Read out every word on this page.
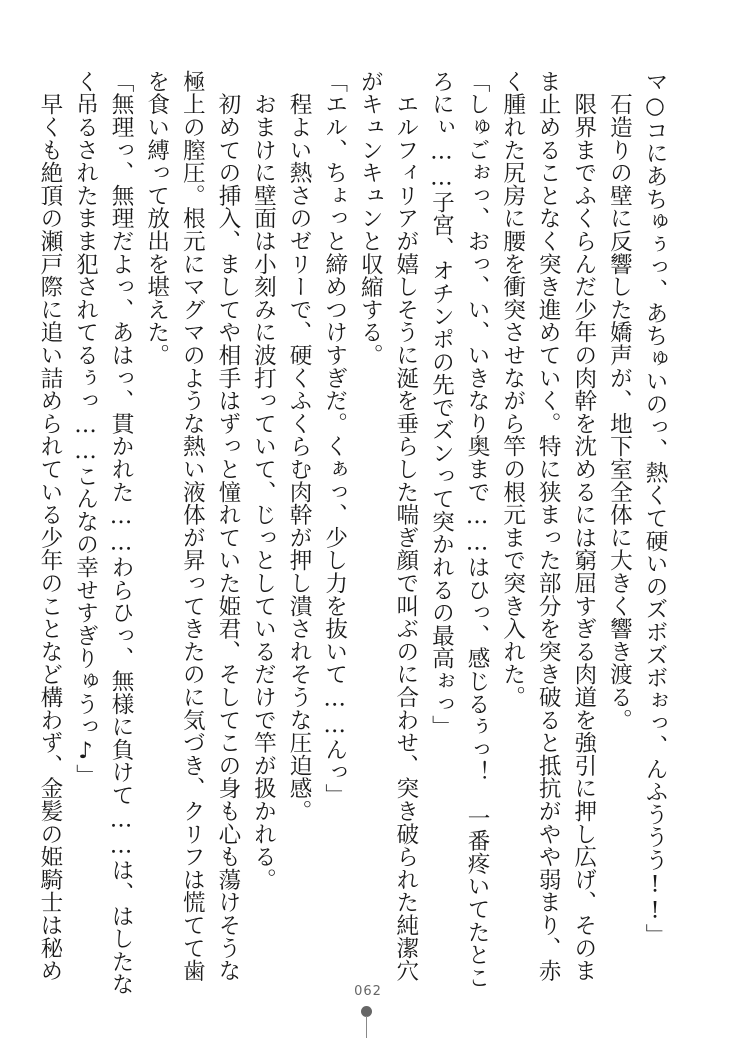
マ○コにあちゅぅっ、あちゅいのっ、熱くて硬いのズボズボぉっ、んふううう!!」
　石造りの壁に反響した嬌声が、地下室全体に大きく響き渡る。
　限界までふくらんだ少年の肉幹を沈めるには窮屈すぎる肉道を強引に押し広げ、そのま
ま止めることなく突き進めていく。特に狭まった部分を突き破ると抵抗がやや弱まり、赤
く腫れた尻房に腰を衝突させながら竿の根元まで突き入れた。
「しゅごぉっ、おっ、い、いきなり奥まで……はひっ、感じるぅっ！　一番疼いてたとこ
ろにぃ……子宮、オチンポの先でズンって突かれるの最高ぉっ」
　エルフィリアが嬉しそうに涎を垂らした喘ぎ顔で叫ぶのに合わせ、突き破られた純潔穴
がキュンキュンと収縮する。
「エル、ちょっと締めつけすぎだ。くぁっ、少し力を抜いて……んっ」
　程よい熱さのゼリーで、硬くふくらむ肉幹が押し潰されそうな圧迫感。
　おまけに壁面は小刻みに波打っていて、じっとしているだけで竿が扱かれる。
　初めての挿入、ましてや相手はずっと憧れていた姫君、そしてこの身も心も蕩けそうな
極上の膣圧。根元にマグマのような熱い液体が昇ってきたのに気づき、クリフは慌てて歯
を食い縛って放出を堪えた。
「無理っ、無理だよっ、あはっ、貫かれた……わらひっ、無様に負けて……は、はしたな
く吊るされたまま犯されてるぅっ……こんなの幸せすぎりゅうっ♪」
　早くも絶頂の瀬戸際に追い詰められている少年のことなど構わず、金髪の姫騎士は秘め
062
